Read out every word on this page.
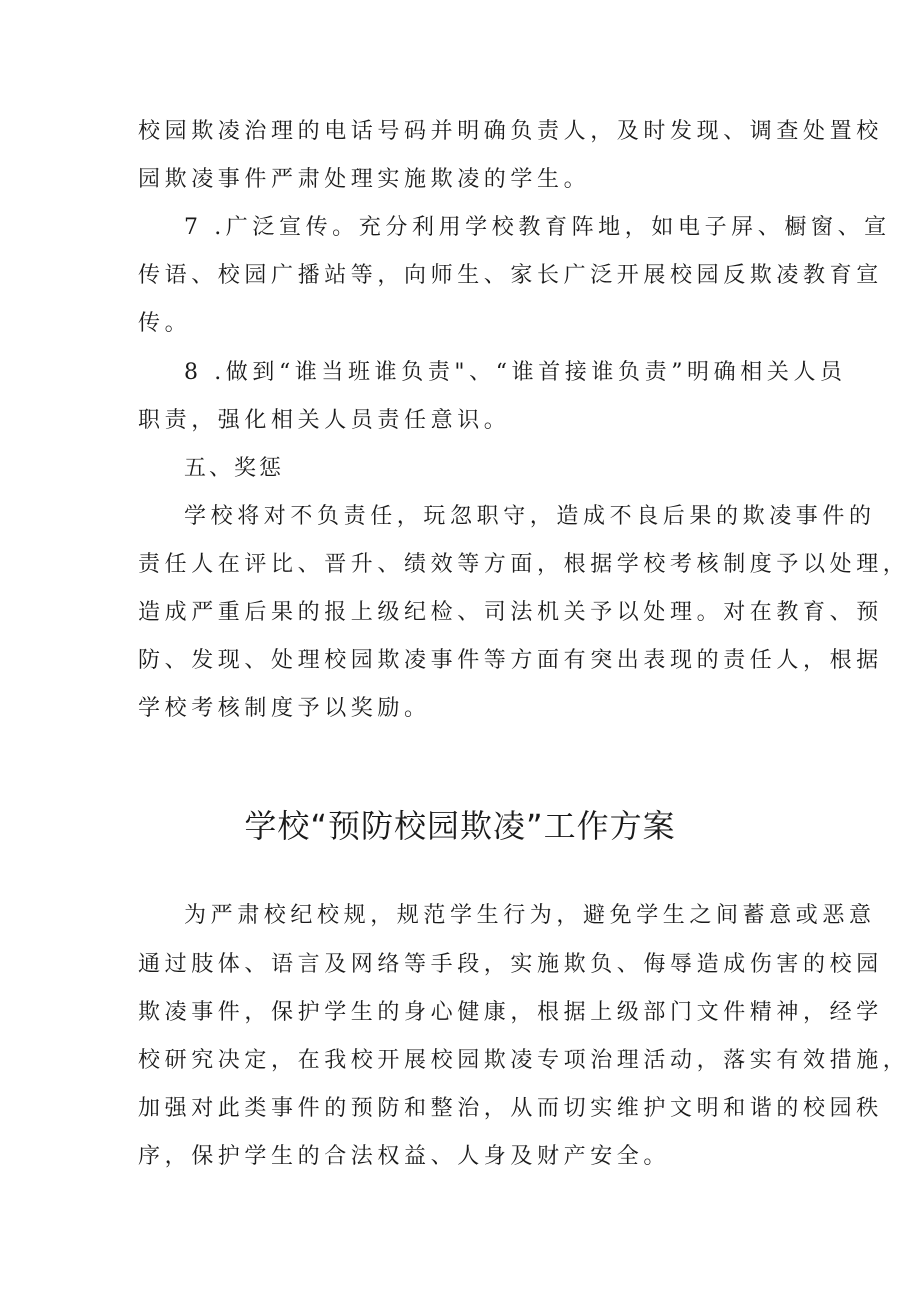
校园欺凌治理的电话号码并明确负责人，及时发现、调查处置校
园欺凌事件严肃处理实施欺凌的学生。
7 .广泛宣传。充分利用学校教育阵地，如电子屏、橱窗、宣
传语、校园广播站等，向师生、家长广泛开展校园反欺凌教育宣
传。
8 .做到“谁当班谁负责"、“谁首接谁负责”明确相关人员
职责，强化相关人员责任意识。
五、奖惩
学校将对不负责任，玩忽职守，造成不良后果的欺凌事件的
责任人在评比、晋升、绩效等方面，根据学校考核制度予以处理，
造成严重后果的报上级纪检、司法机关予以处理。对在教育、预
防、发现、处理校园欺凌事件等方面有突出表现的责任人，根据
学校考核制度予以奖励。
学校“预防校园欺凌”工作方案
为严肃校纪校规，规范学生行为，避免学生之间蓄意或恶意
通过肢体、语言及网络等手段，实施欺负、侮辱造成伤害的校园
欺凌事件，保护学生的身心健康，根据上级部门文件精神，经学
校研究决定，在我校开展校园欺凌专项治理活动，落实有效措施，
加强对此类事件的预防和整治，从而切实维护文明和谐的校园秩
序，保护学生的合法权益、人身及财产安全。
